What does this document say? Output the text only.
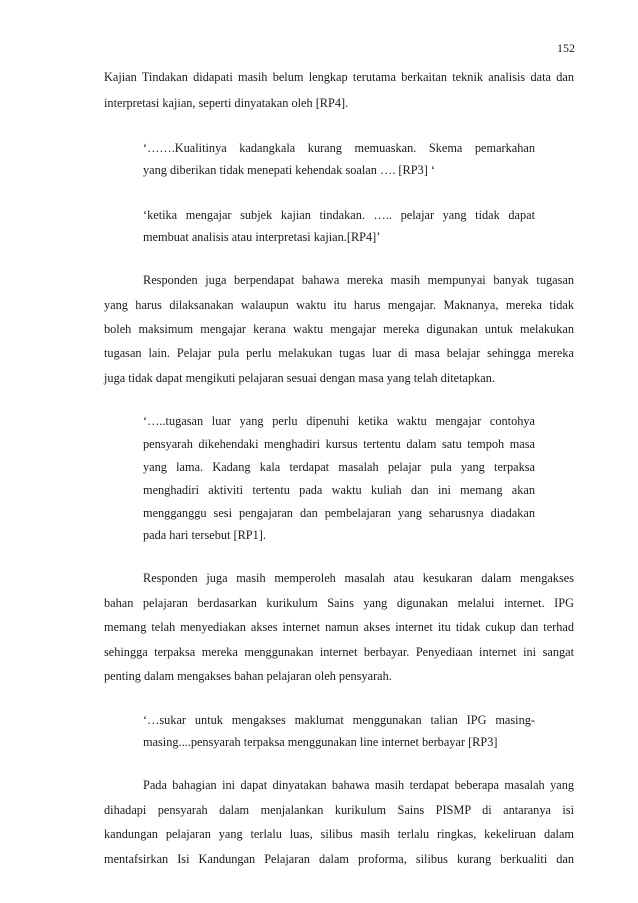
152
Kajian Tindakan didapati masih belum lengkap terutama berkaitan teknik analisis data dan
interpretasi kajian, seperti dinyatakan oleh [RP4].
‘…….Kualitinya kadangkala kurang memuaskan. Skema pemarkahan
yang diberikan tidak menepati kehendak soalan …. [RP3] ‘
‘ketika mengajar subjek kajian tindakan. ….. pelajar yang tidak dapat
membuat analisis atau interpretasi kajian.[RP4]’
Responden juga berpendapat bahawa mereka masih mempunyai banyak tugasan
yang harus dilaksanakan walaupun waktu itu harus mengajar. Maknanya, mereka tidak
boleh maksimum mengajar kerana waktu mengajar mereka digunakan untuk melakukan
tugasan lain. Pelajar pula perlu melakukan tugas luar di masa belajar sehingga mereka
juga tidak dapat mengikuti pelajaran sesuai dengan masa yang telah ditetapkan.
‘…..tugasan luar yang perlu dipenuhi ketika waktu mengajar contohya
pensyarah dikehendaki menghadiri kursus tertentu dalam satu tempoh masa
yang lama. Kadang kala terdapat masalah pelajar pula yang terpaksa
menghadiri aktiviti tertentu pada waktu kuliah dan ini memang akan
mengganggu sesi pengajaran dan pembelajaran yang seharusnya diadakan
pada hari tersebut [RP1].
Responden juga masih memperoleh masalah atau kesukaran dalam mengakses
bahan pelajaran berdasarkan kurikulum Sains yang digunakan melalui internet. IPG
memang telah menyediakan akses internet namun akses internet itu tidak cukup dan terhad
sehingga terpaksa mereka menggunakan internet berbayar. Penyediaan internet ini sangat
penting dalam mengakses bahan pelajaran oleh pensyarah.
‘…sukar untuk mengakses maklumat menggunakan talian IPG masing-
masing....pensyarah terpaksa menggunakan line internet berbayar [RP3]
Pada bahagian ini dapat dinyatakan bahawa masih terdapat beberapa masalah yang
dihadapi pensyarah dalam menjalankan kurikulum Sains PISMP di antaranya isi
kandungan pelajaran yang terlalu luas, silibus masih terlalu ringkas, kekeliruan dalam
mentafsirkan Isi Kandungan Pelajaran dalam proforma, silibus kurang berkualiti dan
